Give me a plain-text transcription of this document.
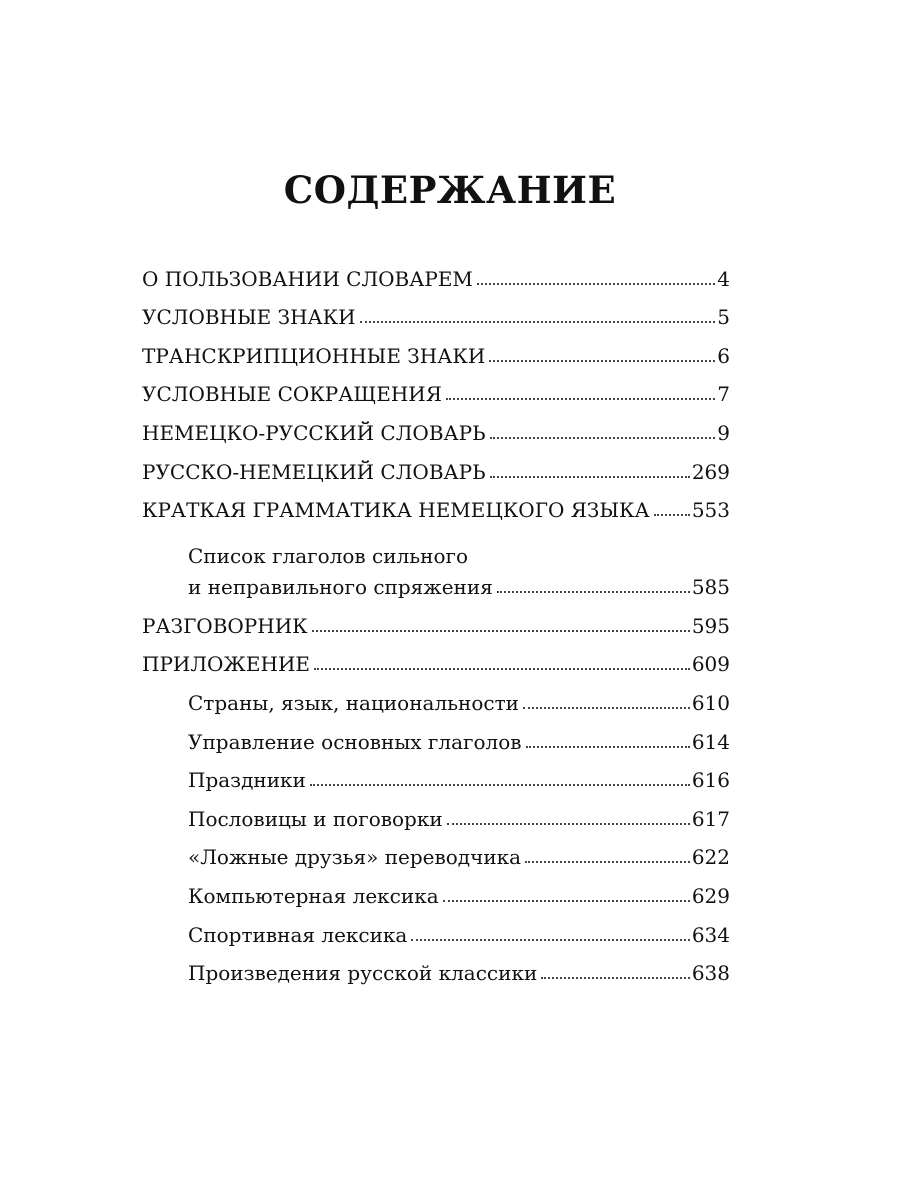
СОДЕРЖАНИЕ
О ПОЛЬЗОВАНИИ СЛОВАРЕМ	4
УСЛОВНЫЕ ЗНАКИ	5
ТРАНСКРИПЦИОННЫЕ ЗНАКИ	6
УСЛОВНЫЕ СОКРАЩЕНИЯ	7
НЕМЕЦКО-РУССКИЙ СЛОВАРЬ	9
РУССКО-НЕМЕЦКИЙ СЛОВАРЬ	269
КРАТКАЯ ГРАММАТИКА НЕМЕЦКОГО ЯЗЫКА 553
Список глаголов сильного
и неправильного спряжения	585
РАЗГОВОРНИК	595
ПРИЛОЖЕНИЕ	609
Страны, язык, национальности	610
Управление основных глаголов	614
Праздники	616
Пословицы и поговорки	617
«Ложные друзья» переводчика	622
Компьютерная лексика	629
Спортивная лексика	634
Произведения русской классики	638
